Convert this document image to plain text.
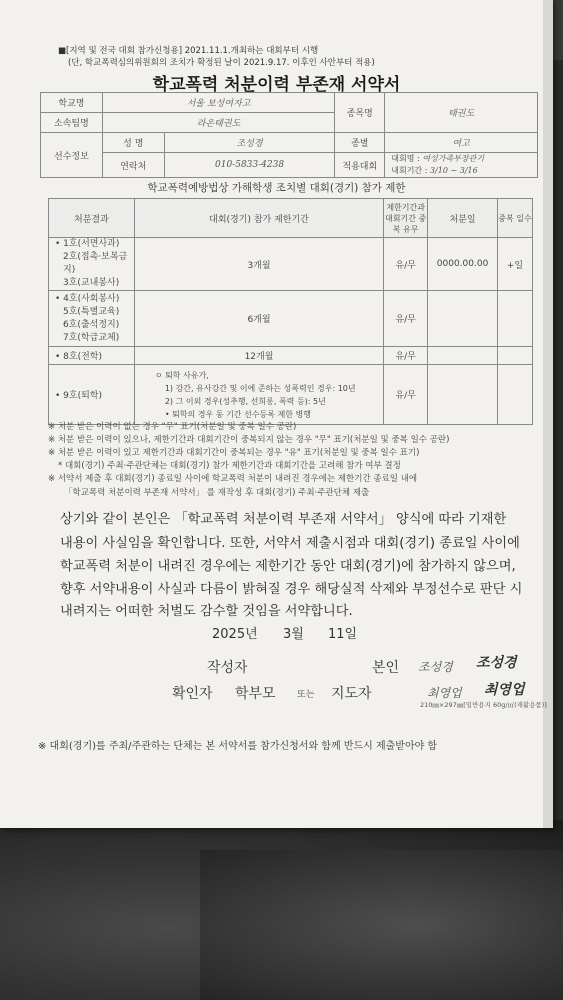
■[지역 및 전국 대회 참가신청용] 2021.11.1.개최하는 대회부터 시행
(단, 학교폭력심의위원회의 조치가 확정된 날이 2021.9.17. 이후인 사안부터 적용)
학교폭력 처분이력 부존재 서약서
학교명	서울 보성여자고		종목명	태권도
소속팀명	라온태권도			
선수정보	성 명	조성경	종별	여고
	연락처	010-5833-4238	적용대회	대회명 : 여성가족부장관기
내회기간 : 3/10 ~ 3/16
학교폭력예방법상 가해학생 조치별 대회(경기) 참가 제한
처분결과	대회(경기) 참가 제한기간	제한기간과 대회기간 중복 유무	처분일	중복 일수

• 1호(서면사과)
2호(접촉·보복금지)
3호(교내봉사)	3개월	유/무	0000.00.00	+일

• 4호(사회봉사)
5호(특별교육)
6호(출석정지)
7호(학급교체)	6개월	유/무		
• 8호(전학)	12개월	유/무		
• 9호(퇴학)	ㅇ 퇴학 사유가,
1) 강간, 유사강간 및 이에 준하는 성폭력인 경우: 10년
2) 그 이외 경우(성추행, 선희롱, 폭력 등): 5년
• 퇴학의 경우 동 기간 선수등록 제한 병행	유/무		
※ 처분 받은 이력이 없는 경우 "무" 표기(처분일 및 중복 일수 공란)
※ 처분 받은 이력이 있으나, 제한기간과 대회기간이 중복되지 않는 경우 "무" 표기(처분일 및 중복 일수 공란)
※ 처분 받은 이력이 있고 제한기간과 대회기간이 중복되는 경우 "유" 표기(처분일 및 중복 일수 표기)
* 대회(경기) 주최·주관단체는 대회(경기) 참가 제한기간과 대회기간을 고려해 참가 여부 결정
※ 서약서 제출 후 대회(경기) 종료일 사이에 학교폭력 처분이 내려진 경우에는 제한기간 종료일 내에
「학교폭력 처분이력 부존재 서약서」 를 재작성 후 대회(경기) 주최·주관단체 제출
상기와 같이 본인은 「학교폭력 처분이력 부존재 서약서」 양식에 따라 기재한
내용이 사실임을 확인합니다. 또한, 서약서 제출시점과 대회(경기) 종료일 사이에
학교폭력 처분이 내려진 경우에는 제한기간 동안 대회(경기)에 참가하지 않으며,
향후 서약내용이 사실과 다름이 밝혀질 경우 해당실적 삭제와 부정선수로 판단 시
내려지는 어떠한 처벌도 감수할 것임을 서약합니다.
2025년 3월 11일
작성자	본인 조성경 조성경
확인자 학부모 또는 지도자	최영업 최영업
210㎜×297㎜[일반용지 60g/㎡(재활용품)]
※ 대회(경기)를 주최/주관하는 단체는 본 서약서를 참가신청서와 함께 반드시 제출받아야 함
